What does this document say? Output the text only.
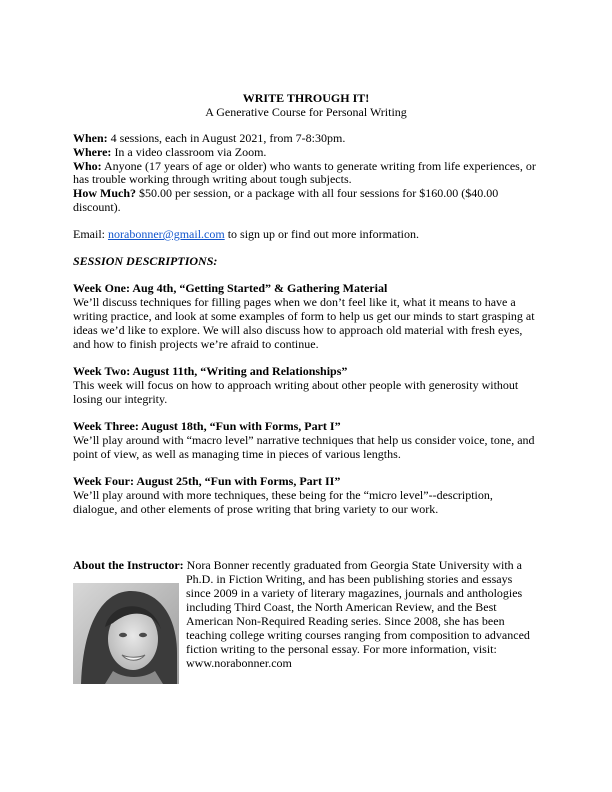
WRITE THROUGH IT!
A Generative Course for Personal Writing
When: 4 sessions, each in August 2021, from 7-8:30pm.
Where: In a video classroom via Zoom.
Who: Anyone (17 years of age or older) who wants to generate writing from life experiences, or
has trouble working through writing about tough subjects.
How Much? $50.00 per session, or a package with all four sessions for $160.00 ($40.00
discount).
Email: norabonner@gmail.com to sign up or find out more information.
SESSION DESCRIPTIONS:
Week One: Aug 4th, “Getting Started” & Gathering Material
We’ll discuss techniques for filling pages when we don’t feel like it, what it means to have a
writing practice, and look at some examples of form to help us get our minds to start grasping at
ideas we’d like to explore. We will also discuss how to approach old material with fresh eyes,
and how to finish projects we’re afraid to continue.
Week Two: August 11th, “Writing and Relationships”
This week will focus on how to approach writing about other people with generosity without
losing our integrity.
Week Three: August 18th, “Fun with Forms, Part I”
We’ll play around with “macro level” narrative techniques that help us consider voice, tone, and
point of view, as well as managing time in pieces of various lengths.
Week Four: August 25th, “Fun with Forms, Part II”
We’ll play around with more techniques, these being for the “micro level”--description,
dialogue, and other elements of prose writing that bring variety to our work.
About the Instructor: Nora Bonner recently graduated from Georgia State University with a
Ph.D. in Fiction Writing, and has been publishing stories and essays
since 2009 in a variety of literary magazines, journals and anthologies
including Third Coast, the North American Review, and the Best
American Non-Required Reading series. Since 2008, she has been
teaching college writing courses ranging from composition to advanced
fiction writing to the personal essay. For more information, visit:
www.norabonner.com
